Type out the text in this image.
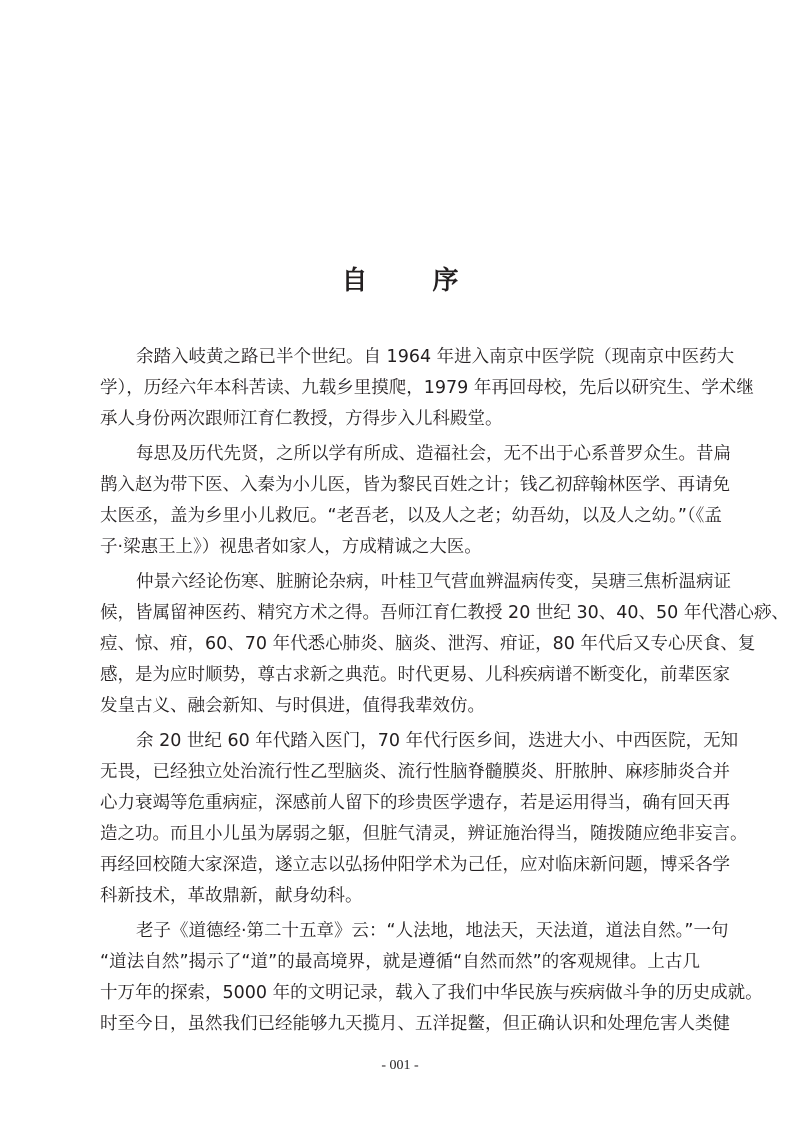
自 序
余踏入岐黄之路已半个世纪。自 1964 年进入南京中医学院（现南京中医药大
学），历经六年本科苦读、九载乡里摸爬，1979 年再回母校，先后以研究生、学术继
承人身份两次跟师江育仁教授，方得步入儿科殿堂。
每思及历代先贤，之所以学有所成、造福社会，无不出于心系普罗众生。昔扁
鹊入赵为带下医、入秦为小儿医，皆为黎民百姓之计；钱乙初辞翰林医学、再请免
太医丞，盖为乡里小儿救厄。“老吾老，以及人之老；幼吾幼，以及人之幼。”（《孟
子·梁惠王上》）视患者如家人，方成精诚之大医。
仲景六经论伤寒、脏腑论杂病，叶桂卫气营血辨温病传变，吴瑭三焦析温病证
候，皆属留神医药、精究方术之得。吾师江育仁教授 20 世纪 30、40、50 年代潜心痧、
痘、惊、疳，60、70 年代悉心肺炎、脑炎、泄泻、疳证，80 年代后又专心厌食、复
感，是为应时顺势，尊古求新之典范。时代更易、儿科疾病谱不断变化，前辈医家
发皇古义、融会新知、与时俱进，值得我辈效仿。
余 20 世纪 60 年代踏入医门，70 年代行医乡间，迭进大小、中西医院，无知
无畏，已经独立处治流行性乙型脑炎、流行性脑脊髓膜炎、肝脓肿、麻疹肺炎合并
心力衰竭等危重病症，深感前人留下的珍贵医学遗存，若是运用得当，确有回天再
造之功。而且小儿虽为孱弱之躯，但脏气清灵，辨证施治得当，随拨随应绝非妄言。
再经回校随大家深造，遂立志以弘扬仲阳学术为己任，应对临床新问题，博采各学
科新技术，革故鼎新，献身幼科。
老子《道德经·第二十五章》云：“人法地，地法天，天法道，道法自然。”一句
“道法自然”揭示了“道”的最高境界，就是遵循“自然而然”的客观规律。上古几
十万年的探索，5000 年的文明记录，载入了我们中华民族与疾病做斗争的历史成就。
时至今日，虽然我们已经能够九天揽月、五洋捉鳖，但正确认识和处理危害人类健
- 001 -
